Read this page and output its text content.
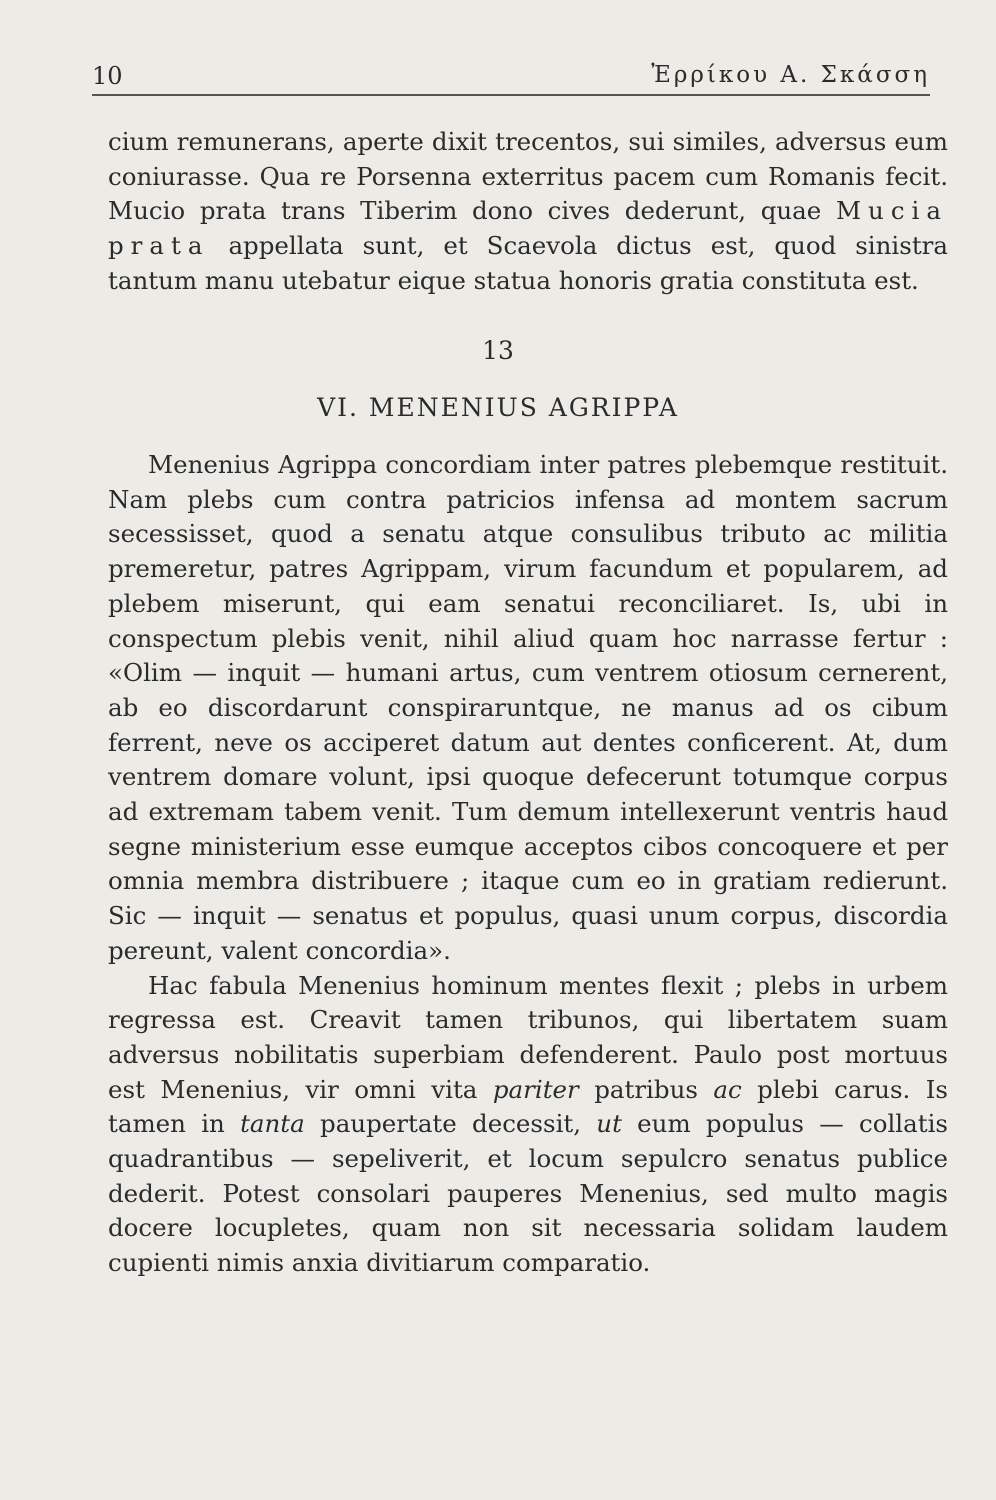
10	Ἐρρίκου Α. Σκάσση

cium remunerans, aperte dixit trecentos, sui similes, adversus eum coniurasse. Qua re Porsenna exterritus pacem cum Romanis fecit. Mucio prata trans Tiberim dono cives dederunt, quae Mucia prata appellata sunt, et Scaevola dictus est, quod sinistra tantum manu utebatur eique statua honoris gratia constituta est.

13
VI. MENENIUS AGRIPPA

Menenius Agrippa concordiam inter patres plebemque restituit. Nam plebs cum contra patricios infensa ad montem sacrum secessisset, quod a senatu atque consulibus tributo ac militia premeretur, patres Agrippam, virum facundum et popularem, ad plebem miserunt, qui eam senatui reconciliaret. Is, ubi in conspectum plebis venit, nihil aliud quam hoc narrasse fertur : «Olim — inquit — humani artus, cum ventrem otiosum cernerent, ab eo discordarunt conspiraruntque, ne manus ad os cibum ferrent, neve os acciperet datum aut dentes conficerent. At, dum ventrem domare volunt, ipsi quoque defecerunt totumque corpus ad extremam tabem venit. Tum demum intellexerunt ventris haud segne ministerium esse eumque acceptos cibos concoquere et per omnia membra distribuere ; itaque cum eo in gratiam redierunt. Sic — inquit — senatus et populus, quasi unum corpus, discordia pereunt, valent concordia».

Hac fabula Menenius hominum mentes flexit ; plebs in urbem regressa est. Creavit tamen tribunos, qui libertatem suam adversus nobilitatis superbiam defenderent. Paulo post mortuus est Menenius, vir omni vita pariter patribus ac plebi carus. Is tamen in tanta paupertate decessit, ut eum populus — collatis quadrantibus — sepeliverit, et locum sepulcro senatus publice dederit. Potest consolari pauperes Menenius, sed multo magis docere locupletes, quam non sit necessaria solidam laudem cupienti nimis anxia divitiarum comparatio.
